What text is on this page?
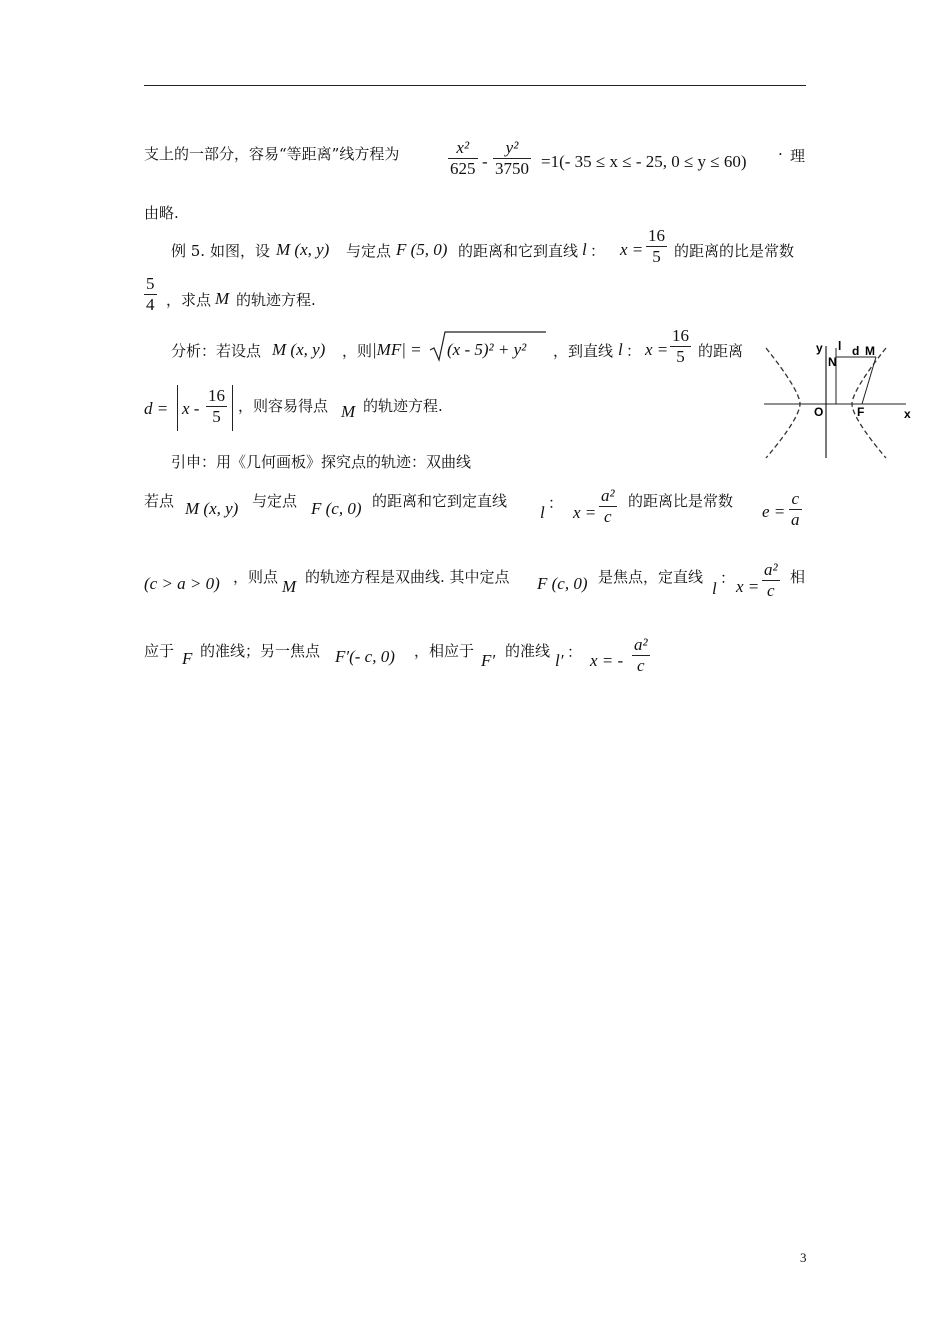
支上的一部分，容易“等距离”线方程为	$\frac{\text{x²}}{625} - \frac{\text{y²}}{3750} =1(-$ 35 ≤ x ≤ - 25, 0 ≤ y ≤ 60)
. 理
由略.
例 5. 如图，设 M (x, y) 与定点 F (5, 0) 的距离和它到直线 l ： $x = \frac{16}{5}$ 的距离的比是常数
$\frac{5}{4}$ ，求点 M 的轨迹方程.
分析：若设点 M (x, y) ，则 |MF| = (x - 5)² + y² ，到直线 l ： $x = \frac{16}{5}$ 的距离
$d = x - \frac{16}{5}$ ，则容易得点 M 的轨迹方程.
y l d M
N
O	F	x
引申：用《几何画板》探究点的轨迹：双曲线
若点 M (x, y) 与定点 F (c, 0) 的距离和它到定直线
l ： $x = \frac{\text{a²}}{c}$ 的距离比是常数
$e = \frac{c}{a}$
(c > a > 0) ，则点 M 的轨迹方程是双曲线. 其中定点 F (c, 0) 是焦点，定直线
l
： $x = \frac{\text{a²}}{c}$ 相
应于 F 的准线；另一焦点 F′(- c, 0) ，相应于 F′ 的准线 l′ ： x = - $\frac{\text{a²}}{c}$
3
